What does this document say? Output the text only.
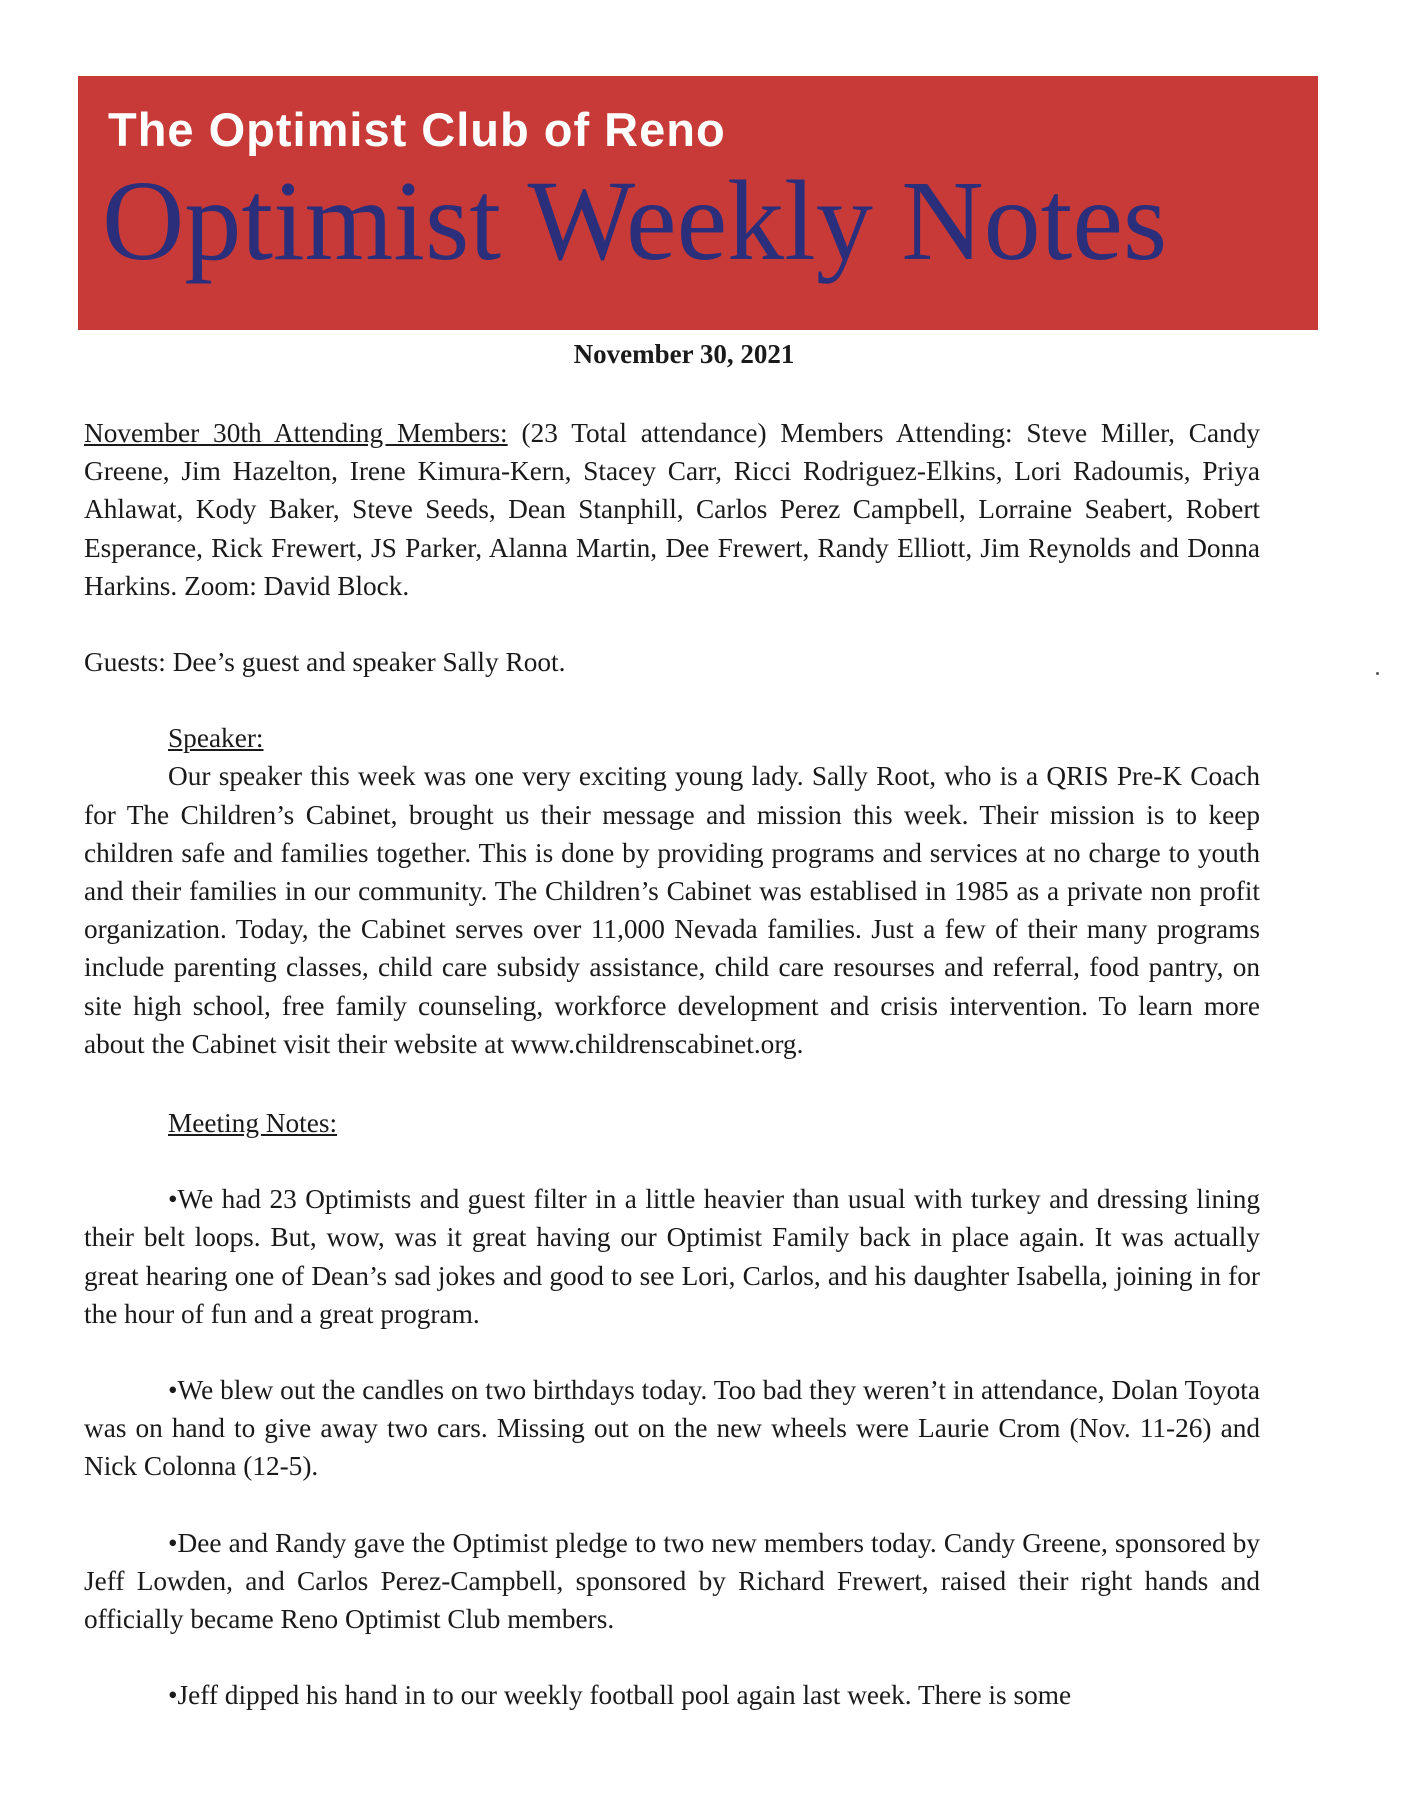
The Optimist Club of Reno
Optimist Weekly Notes
November 30, 2021

November 30th Attending Members: (23 Total attendance) Members Attending: Steve Miller, Candy Greene, Jim Hazelton, Irene Kimura-Kern, Stacey Carr, Ricci Rodriguez-Elkins, Lori Radoumis, Priya Ahlawat, Kody Baker, Steve Seeds, Dean Stanphill, Carlos Perez Campbell, Lorraine Seabert, Robert Esperance, Rick Frewert, JS Parker, Alanna Martin, Dee Frewert, Randy Elliott, Jim Reynolds and Donna Harkins. Zoom: David Block.

Guests: Dee’s guest and speaker Sally Root.

Speaker:

Our speaker this week was one very exciting young lady. Sally Root, who is a QRIS Pre-K Coach for The Children’s Cabinet, brought us their message and mission this week. Their mission is to keep children safe and families together. This is done by providing programs and services at no charge to youth and their families in our community. The Children’s Cabinet was establised in 1985 as a private non profit organization. Today, the Cabinet serves over 11,000 Nevada families. Just a few of their many programs include parenting classes, child care subsidy assistance, child care resourses and referral, food pantry, on site high school, free family counseling, workforce development and crisis intervention. To learn more about the Cabinet visit their website at www.childrenscabinet.org.

Meeting Notes:

•We had 23 Optimists and guest filter in a little heavier than usual with turkey and dressing lining their belt loops. But, wow, was it great having our Optimist Family back in place again. It was actually great hearing one of Dean’s sad jokes and good to see Lori, Carlos, and his daughter Isabella, joining in for the hour of fun and a great program.

•We blew out the candles on two birthdays today. Too bad they weren’t in attendance, Dolan Toyota was on hand to give away two cars. Missing out on the new wheels were Laurie Crom (Nov. 11-26) and Nick Colonna (12-5).

•Dee and Randy gave the Optimist pledge to two new members today. Candy Greene, sponsored by Jeff Lowden, and Carlos Perez-Campbell, sponsored by Richard Frewert, raised their right hands and officially became Reno Optimist Club members.

•Jeff dipped his hand in to our weekly football pool again last week. There is some
